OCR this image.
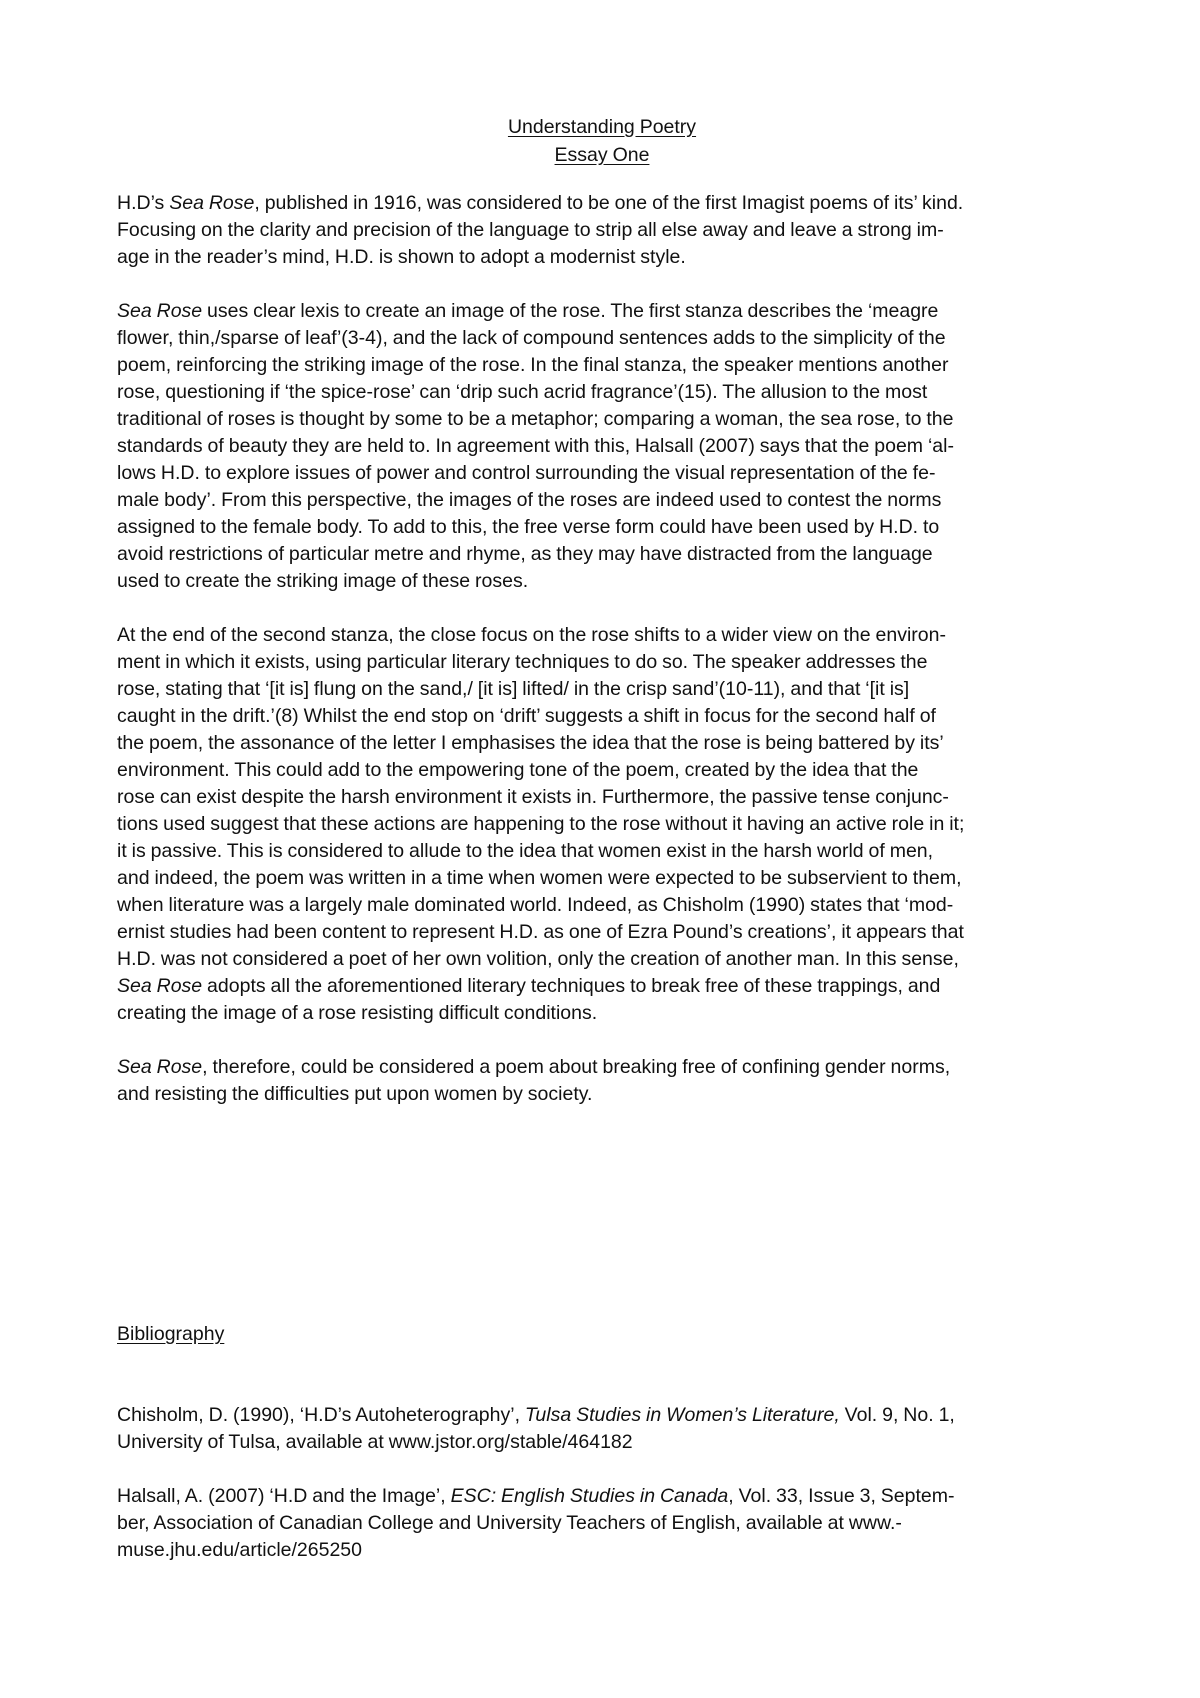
Understanding Poetry
Essay One
H.D’s Sea Rose, published in 1916, was considered to be one of the first Imagist poems of its’ kind.
Focusing on the clarity and precision of the language to strip all else away and leave a strong im-
age in the reader’s mind, H.D. is shown to adopt a modernist style.
Sea Rose uses clear lexis to create an image of the rose. The first stanza describes the ‘meagre
flower, thin,/sparse of leaf’(3-4), and the lack of compound sentences adds to the simplicity of the
poem, reinforcing the striking image of the rose. In the final stanza, the speaker mentions another
rose, questioning if ‘the spice-rose’ can ‘drip such acrid fragrance’(15). The allusion to the most
traditional of roses is thought by some to be a metaphor; comparing a woman, the sea rose, to the
standards of beauty they are held to. In agreement with this, Halsall (2007) says that the poem ‘al-
lows H.D. to explore issues of power and control surrounding the visual representation of the fe-
male body’. From this perspective, the images of the roses are indeed used to contest the norms
assigned to the female body. To add to this, the free verse form could have been used by H.D. to
avoid restrictions of particular metre and rhyme, as they may have distracted from the language
used to create the striking image of these roses.
At the end of the second stanza, the close focus on the rose shifts to a wider view on the environ-
ment in which it exists, using particular literary techniques to do so. The speaker addresses the
rose, stating that ‘[it is] flung on the sand,/ [it is] lifted/ in the crisp sand’(10-11), and that ‘[it is]
caught in the drift.’(8) Whilst the end stop on ‘drift’ suggests a shift in focus for the second half of
the poem, the assonance of the letter I emphasises the idea that the rose is being battered by its’
environment. This could add to the empowering tone of the poem, created by the idea that the
rose can exist despite the harsh environment it exists in. Furthermore, the passive tense conjunc-
tions used suggest that these actions are happening to the rose without it having an active role in it;
it is passive. This is considered to allude to the idea that women exist in the harsh world of men,
and indeed, the poem was written in a time when women were expected to be subservient to them,
when literature was a largely male dominated world. Indeed, as Chisholm (1990) states that ‘mod-
ernist studies had been content to represent H.D. as one of Ezra Pound’s creations’, it appears that
H.D. was not considered a poet of her own volition, only the creation of another man. In this sense,
Sea Rose adopts all the aforementioned literary techniques to break free of these trappings, and
creating the image of a rose resisting difficult conditions.
Sea Rose, therefore, could be considered a poem about breaking free of confining gender norms,
and resisting the difficulties put upon women by society.
Bibliography
Chisholm, D. (1990), ‘H.D’s Autoheterography’, Tulsa Studies in Women’s Literature, Vol. 9, No. 1,
University of Tulsa, available at www.jstor.org/stable/464182
Halsall, A. (2007) ‘H.D and the Image’, ESC: English Studies in Canada, Vol. 33, Issue 3, Septem-
ber, Association of Canadian College and University Teachers of English, available at www.-
muse.jhu.edu/article/265250
